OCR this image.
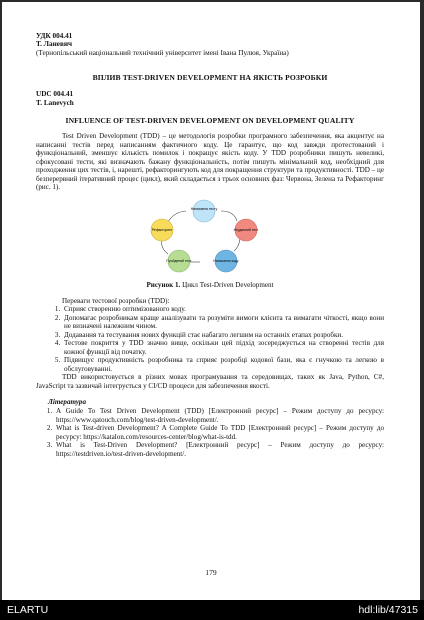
УДК 004.41
Т. Ланевич
(Тернопільський національний технічний університет імені Івана Пулюя, Україна)
ВПЛИВ TEST-DRIVEN DEVELOPMENT НА ЯКІСТЬ РОЗРОБКИ
UDC 004.41
T. Lanevych
INFLUENCE OF TEST-DRIVEN DEVELOPMENT ON DEVELOPMENT QUALITY

Test Driven Development (TDD) – це методологія розробки програмного забезпечення, яка акцентує на написанні тестів перед написанням фактичного коду. Це гарантує, що код завжди протестований і функціональний, зменшує кількість помилок і покращує якість коду. У TDD розробники пишуть невеликі, сфокусовані тести, які визначають бажану функціональність, потім пишуть мінімальний код, необхідний для проходження цих тестів, і, нарешті, рефакторингують код для покращення структури та продуктивності. TDD – це безперервний ітеративний процес (цикл), який складається з трьох основних фаз: Червона, Зелена та Рефакторинг (рис. 1).

Написання тесту
Неудачний тест
Написання коду
Пройдений тест
Рефакторинг
Рисунок 1. Цикл Test-Driven Development

Переваги тестової розробки (TDD):

1. Сприяє створенню оптимізованого коду.
2. Допомагає розробникам краще аналізувати та розуміти вимоги клієнта та вимагати чіткості, якщо вони не визначені належним чином.
3. Додавання та тестування нових функцій стає набагато легшим на останніх етапах розробки.
4. Тестове покриття у TDD значно вище, оскільки цей підхід зосереджується на створенні тестів для кожної функції від початку.
5. Підвищує продуктивність розробника та сприяє розробці кодової бази, яка є гнучкою та легкою в обслуговуванні.

TDD використовується в різних мовах програмування та середовищах, таких як Java, Python, C#, JavaScript та зазвичай інтегрується у CI/CD процеси для забезпечення якості.

Література
1. A Guide To Test Driven Development (TDD) [Електронний ресурс] – Режим доступу до ресурсу: https://www.qatouch.com/blog/test-driven-development/.
2. What is Test-driven Development? A Complete Guide To TDD [Електронний ресурс] – Режим доступу до ресурсу: https://katalon.com/resources-center/blog/what-is-tdd.
3. What is Test-Driven Development? [Електронний ресурс] – Режим доступу до ресурсу: https://testdriven.io/test-driven-development/.
179
ELARTU	hdl:lib/47315
